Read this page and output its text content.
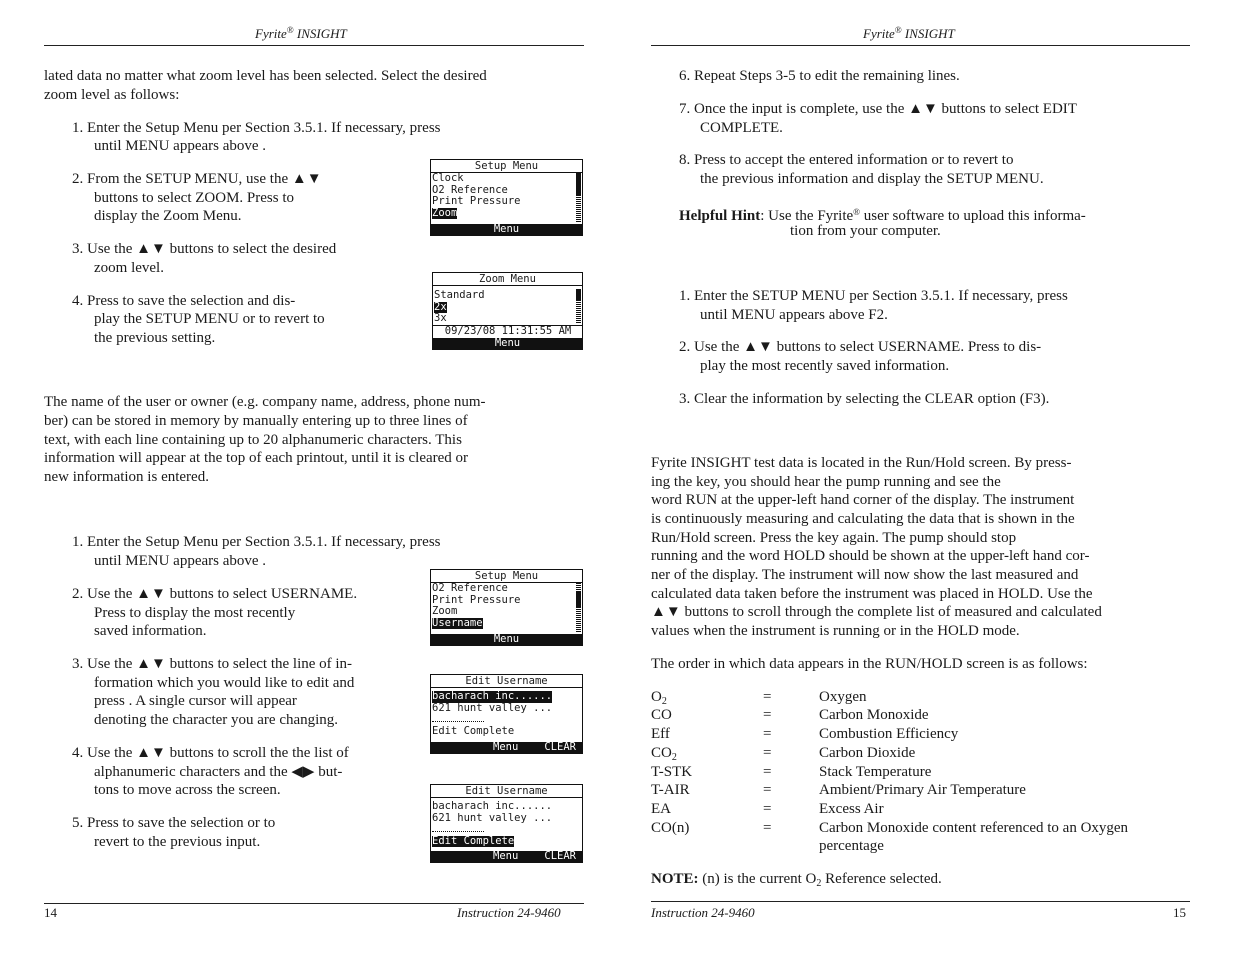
Fyrite® INSIGHT
lated data no matter what zoom level has been selected. Select the desired
zoom level as follows:
1. Enter the Setup Menu per Section 3.5.1. If necessary, press
until MENU appears above .
2. From the SETUP MENU, use the ▲▼
buttons to select ZOOM. Press to
display the Zoom Menu.
3. Use the ▲▼ buttons to select the desired
zoom level.
4. Press to save the selection and dis-
play the SETUP MENU or to revert to
the previous setting.
Setup Menu
Clock
O2 Reference
Print Pressure
Zoom
Menu
Zoom Menu
Standard
2x
3x
09/23/08 11:31:55 AM
Menu
The name of the user or owner (e.g. company name, address, phone num-
ber) can be stored in memory by manually entering up to three lines of
text, with each line containing up to 20 alphanumeric characters. This
information will appear at the top of each printout, until it is cleared or
new information is entered.
1. Enter the Setup Menu per Section 3.5.1. If necessary, press
until MENU appears above .
2. Use the ▲▼ buttons to select USERNAME.
Press to display the most recently
saved information.
3. Use the ▲▼ buttons to select the line of in-
formation which you would like to edit and
press . A single cursor will appear
denoting the character you are changing.
4. Use the ▲▼ buttons to scroll the the list of
alphanumeric characters and the ◀▶ but-
tons to move across the screen.
5. Press to save the selection or to
revert to the previous input.
Setup Menu
O2 Reference
Print Pressure
Zoom
Username
Menu
Edit Username
bacharach inc......
621 hunt valley ...
Edit Complete
Menu CLEAR
Edit Username
bacharach inc......
621 hunt valley ...
Edit Complete
Menu CLEAR
14	Instruction 24-9460
Fyrite® INSIGHT
6. Repeat Steps 3-5 to edit the remaining lines.
7. Once the input is complete, use the ▲▼ buttons to select EDIT
COMPLETE.
8. Press to accept the entered information or to revert to
the previous information and display the SETUP MENU.
Helpful Hint: Use the Fyrite® user software to upload this informa-
tion from your computer.
1. Enter the SETUP MENU per Section 3.5.1. If necessary, press
until MENU appears above F2.
2. Use the ▲▼ buttons to select USERNAME. Press to dis-
play the most recently saved information.
3. Clear the information by selecting the CLEAR option (F3).
Fyrite INSIGHT test data is located in the Run/Hold screen. By press-
ing the key, you should hear the pump running and see the
word RUN at the upper-left hand corner of the display. The instrument
is continuously measuring and calculating the data that is shown in the
Run/Hold screen. Press the key again. The pump should stop
running and the word HOLD should be shown at the upper-left hand cor-
ner of the display. The instrument will now show the last measured and
calculated data taken before the instrument was placed in HOLD. Use the
▲▼ buttons to scroll through the complete list of measured and calculated
values when the instrument is running or in the HOLD mode.
The order in which data appears in the RUN/HOLD screen is as follows:
$O_2$	=	Oxygen
CO	=	Carbon Monoxide
Eff	=	Combustion Efficiency
$CO_2$	=	Carbon Dioxide
T-STK	=	Stack Temperature
T-AIR	=	Ambient/Primary Air Temperature
EA	=	Excess Air
CO(n)	=	Carbon Monoxide content referenced to an Oxygen
percentage
NOTE: (n) is the current $O_2$ Reference selected.
Instruction 24-9460	15
